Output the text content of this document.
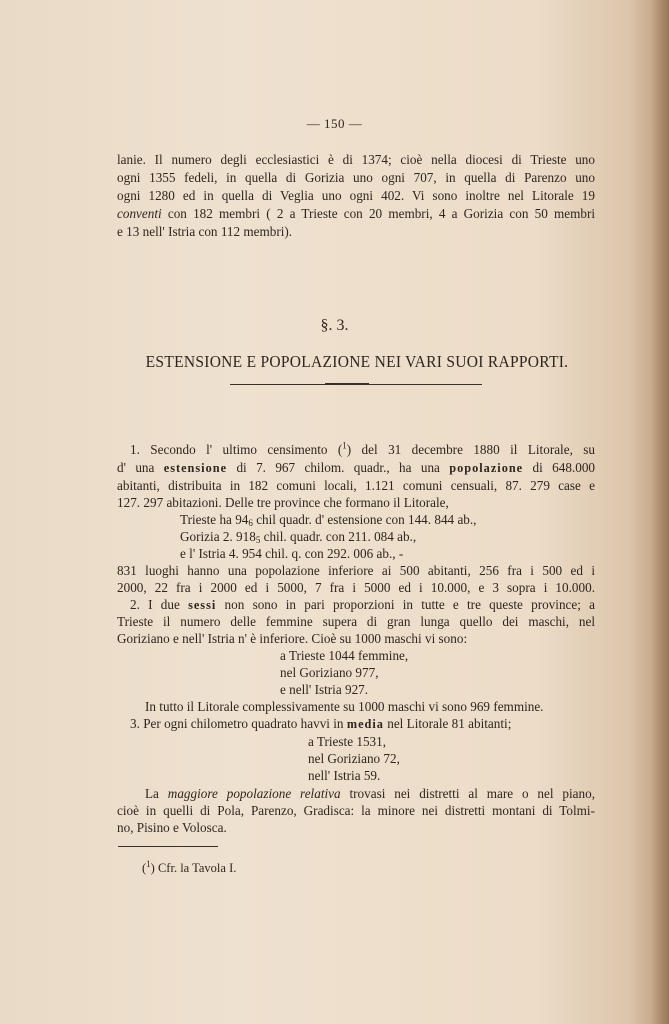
— 150 —
lanie. Il numero degli ecclesiastici è di 1374; cioè nella diocesi di Trieste uno
ogni 1355 fedeli, in quella di Gorizia uno ogni 707, in quella di Parenzo uno
ogni 1280 ed in quella di Veglia uno ogni 402. Vi sono inoltre nel Litorale 19
conventi con 182 membri ( 2 a Trieste con 20 membri, 4 a Gorizia con 50 membri
e 13 nell' Istria con 112 membri).
§. 3.
ESTENSIONE E POPOLAZIONE NEI VARI SUOI RAPPORTI.
1. Secondo l' ultimo censimento ($^1$) del 31 decembre 1880 il Litorale, su
d' una estensione di 7. 967 chilom. quadr., ha una popolazione di 648.000
abitanti, distribuita in 182 comuni locali, 1.121 comuni censuali, 87. 279 case e
127. 297 abitazioni. Delle tre province che formano il Litorale,
Trieste ha $94_6$ chil quadr. d' estensione con 144. 844 ab.,
Gorizia 2. $918_5$ chil. quadr. con 211. 084 ab.,
e l' Istria 4. 954 chil. q. con 292. 006 ab., -
831 luoghi hanno una popolazione inferiore ai 500 abitanti, 256 fra i 500 ed i
2000, 22 fra i 2000 ed i 5000, 7 fra i 5000 ed i 10.000, e 3 sopra i 10.000.
2. I due sessi non sono in pari proporzioni in tutte e tre queste province; a
Trieste il numero delle femmine supera di gran lunga quello dei maschi, nel
Goriziano e nell' Istria n' è inferiore. Cioè su 1000 maschi vi sono:
a Trieste 1044 femmine,
nel Goriziano 977,
e nell' Istria 927.
In tutto il Litorale complessivamente su 1000 maschi vi sono 969 femmine.
3. Per ogni chilometro quadrato havvi in media nel Litorale 81 abitanti;
a Trieste 1531,
nel Goriziano 72,
nell' Istria 59.
La maggiore popolazione relativa trovasi nei distretti al mare o nel piano,
cioè in quelli di Pola, Parenzo, Gradisca: la minore nei distretti montani di Tolmi-
no, Pisino e Volosca.
($^1$) Cfr. la Tavola I.
